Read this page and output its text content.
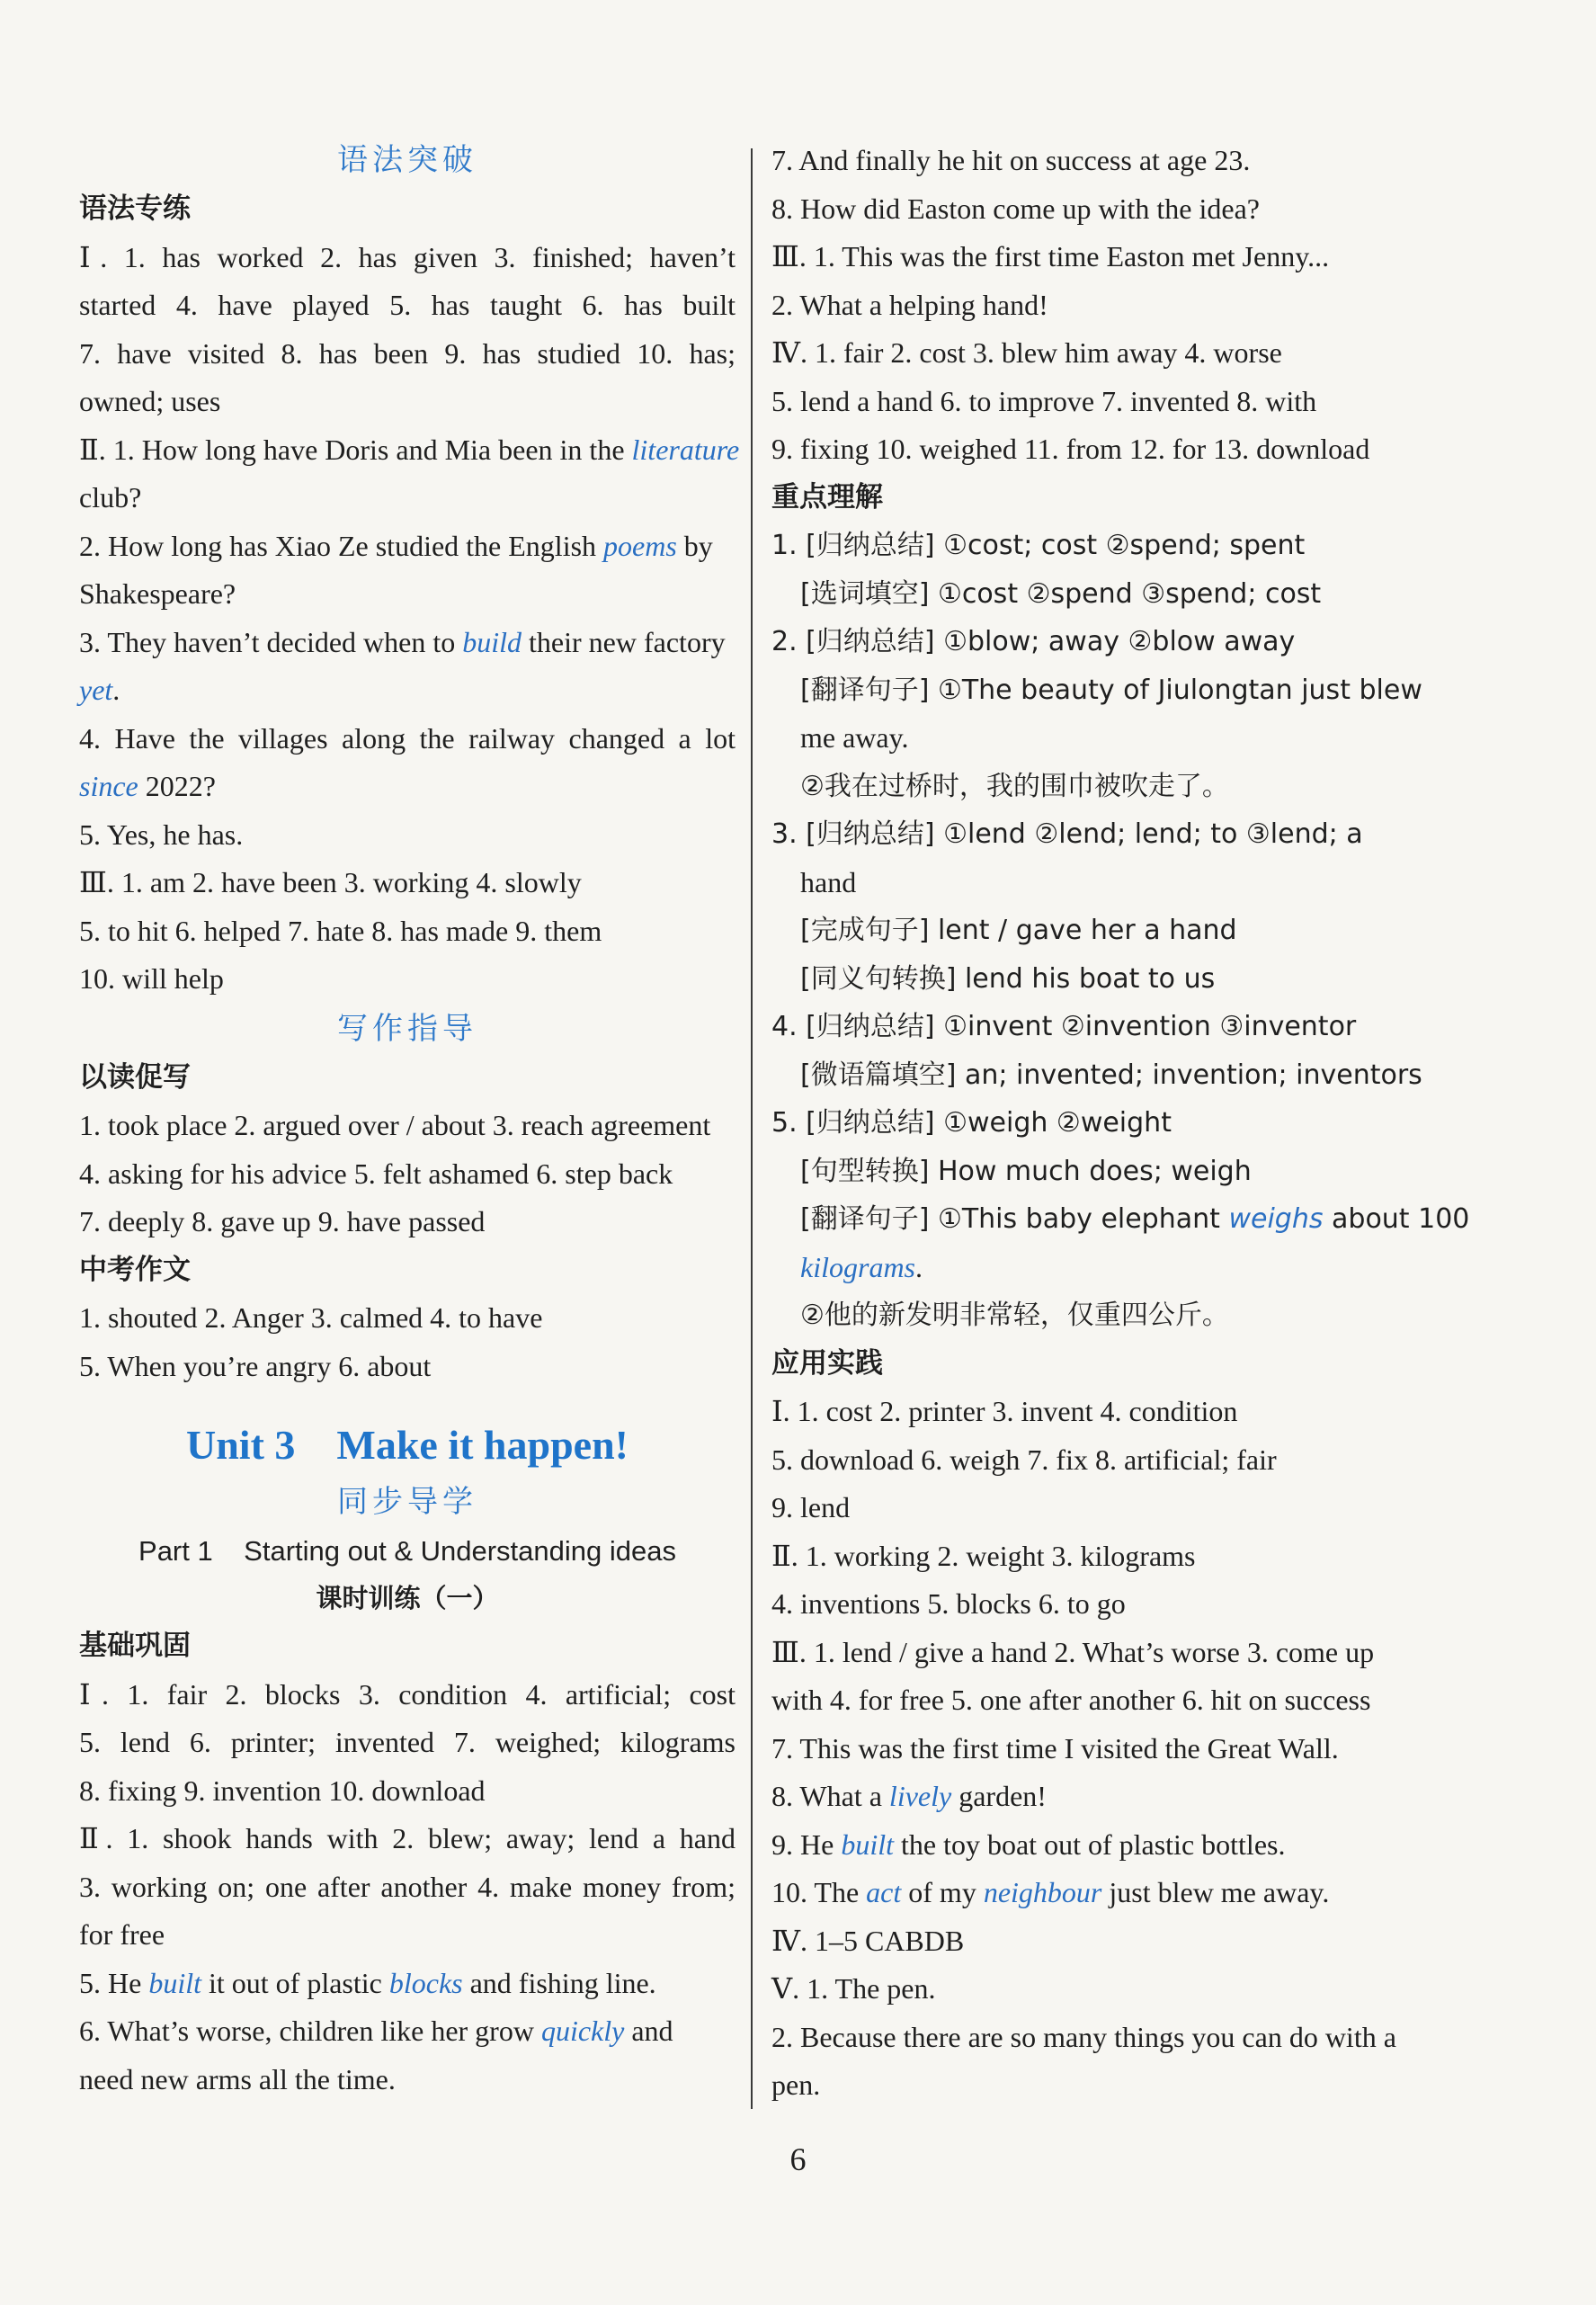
语法突破
语法专练
Ⅰ. 1. has worked 2. has given 3. finished; haven’t
started 4. have played 5. has taught 6. has built
7. have visited 8. has been 9. has studied 10. has;
owned; uses
Ⅱ. 1. How long have Doris and Mia been in the literature
club?
2. How long has Xiao Ze studied the English poems by
Shakespeare?
3. They haven’t decided when to build their new factory
yet.
4. Have the villages along the railway changed a lot
since 2022?
5. Yes, he has.
Ⅲ. 1. am 2. have been 3. working 4. slowly
5. to hit 6. helped 7. hate 8. has made 9. them
10. will help
写作指导
以读促写
1. took place 2. argued over / about 3. reach agreement
4. asking for his advice 5. felt ashamed 6. step back
7. deeply 8. gave up 9. have passed
中考作文
1. shouted 2. Anger 3. calmed 4. to have
5. When you’re angry 6. about
Unit 3    Make it happen!
同步导学
Part 1    Starting out & Understanding ideas
课时训练（一）
基础巩固
Ⅰ. 1. fair 2. blocks 3. condition 4. artificial; cost
5. lend 6. printer; invented 7. weighed; kilograms
8. fixing 9. invention 10. download
Ⅱ. 1. shook hands with 2. blew; away; lend a hand
3. working on; one after another 4. make money from;
for free
5. He built it out of plastic blocks and fishing line.
6. What’s worse, children like her grow quickly and
need new arms all the time.
7. And finally he hit on success at age 23.
8. How did Easton come up with the idea?
Ⅲ. 1. This was the first time Easton met Jenny...
2. What a helping hand!
Ⅳ. 1. fair 2. cost 3. blew him away 4. worse
5. lend a hand 6. to improve 7. invented 8. with
9. fixing 10. weighed 11. from 12. for 13. download
重点理解
1. [归纳总结] ①cost; cost ②spend; spent
[选词填空] ①cost ②spend ③spend; cost
2. [归纳总结] ①blow; away ②blow away
[翻译句子] ①The beauty of Jiulongtan just blew
me away.
②我在过桥时，我的围巾被吹走了。
3. [归纳总结] ①lend ②lend; lend; to ③lend; a
hand
[完成句子] lent / gave her a hand
[同义句转换] lend his boat to us
4. [归纳总结] ①invent ②invention ③inventor
[微语篇填空] an; invented; invention; inventors
5. [归纳总结] ①weigh ②weight
[句型转换] How much does; weigh
[翻译句子] ①This baby elephant weighs about 100
kilograms.
②他的新发明非常轻，仅重四公斤。
应用实践
Ⅰ. 1. cost 2. printer 3. invent 4. condition
5. download 6. weigh 7. fix 8. artificial; fair
9. lend
Ⅱ. 1. working 2. weight 3. kilograms
4. inventions 5. blocks 6. to go
Ⅲ. 1. lend / give a hand 2. What’s worse 3. come up
with 4. for free 5. one after another 6. hit on success
7. This was the first time I visited the Great Wall.
8. What a lively garden!
9. He built the toy boat out of plastic bottles.
10. The act of my neighbour just blew me away.
Ⅳ. 1–5 CABDB
Ⅴ. 1. The pen.
2. Because there are so many things you can do with a
pen.
6
